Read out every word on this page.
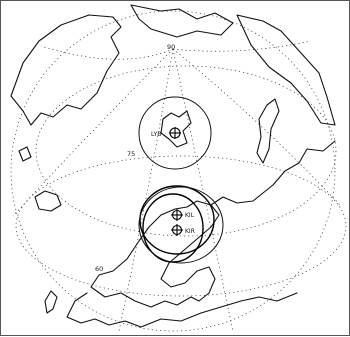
LYB
KIL
KIR
90
75
60
